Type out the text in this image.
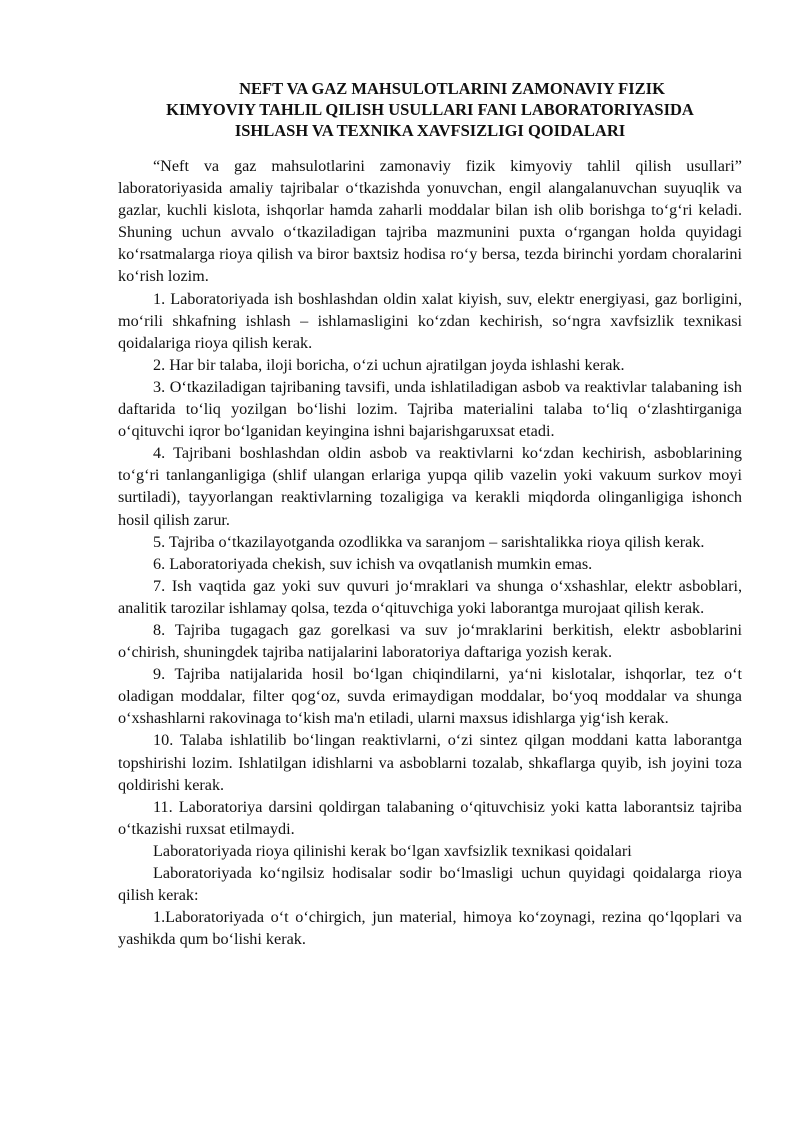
NEFT VA GAZ MAHSULOTLARINI ZAMONAVIY FIZIK
KIMYOVIY TAHLIL QILISH USULLARI FANI LABORATORIYASIDA
ISHLASH VA TEXNIKA XAVFSIZLIGI QOIDALARI

“Neft va gaz mahsulotlarini zamonaviy fizik kimyoviy tahlil qilish usullari” laboratoriyasida amaliy tajribalar o‘tkazishda yonuvchan, engil alangalanuvchan suyuqlik va gazlar, kuchli kislota, ishqorlar hamda zaharli moddalar bilan ish olib borishga to‘g‘ri keladi. Shuning uchun avvalo o‘tkaziladigan tajriba mazmunini puxta o‘rgangan holda quyidagi ko‘rsatmalarga rioya qilish va biror baxtsiz hodisa ro‘y bersa, tezda birinchi yordam choralarini ko‘rish lozim.

1. Laboratoriyada ish boshlashdan oldin xalat kiyish, suv, elektr energiyasi, gaz borligini, mo‘rili shkafning ishlash – ishlamasligini ko‘zdan kechirish, so‘ngra xavfsizlik texnikasi qoidalariga rioya qilish kerak.

2. Har bir talaba, iloji boricha, o‘zi uchun ajratilgan joyda ishlashi kerak.

3. O‘tkaziladigan tajribaning tavsifi, unda ishlatiladigan asbob va reaktivlar talabaning ish daftarida to‘liq yozilgan bo‘lishi lozim. Tajriba materialini talaba to‘liq o‘zlashtirganiga o‘qituvchi iqror bo‘lganidan keyingina ishni bajarishgaruxsat etadi.

4. Tajribani boshlashdan oldin asbob va reaktivlarni ko‘zdan kechirish, asboblarining to‘g‘ri tanlanganligiga (shlif ulangan erlariga yupqa qilib vazelin yoki vakuum surkov moyi surtiladi), tayyorlangan reaktivlarning tozaligiga va kerakli miqdorda olinganligiga ishonch hosil qilish zarur.

5. Tajriba o‘tkazilayotganda ozodlikka va saranjom – sarishtalikka rioya qilish kerak.

6. Laboratoriyada chekish, suv ichish va ovqatlanish mumkin emas.

7. Ish vaqtida gaz yoki suv quvuri jo‘mraklari va shunga o‘xshashlar, elektr asboblari, analitik tarozilar ishlamay qolsa, tezda o‘qituvchiga yoki laborantga murojaat qilish kerak.

8. Tajriba tugagach gaz gorelkasi va suv jo‘mraklarini berkitish, elektr asboblarini o‘chirish, shuningdek tajriba natijalarini laboratoriya daftariga yozish kerak.

9. Tajriba natijalarida hosil bo‘lgan chiqindilarni, ya‘ni kislotalar, ishqorlar, tez o‘t oladigan moddalar, filter qog‘oz, suvda erimaydigan moddalar, bo‘yoq moddalar va shunga o‘xshashlarni rakovinaga to‘kish ma'n etiladi, ularni maxsus idishlarga yig‘ish kerak.

10. Talaba ishlatilib bo‘lingan reaktivlarni, o‘zi sintez qilgan moddani katta laborantga topshirishi lozim. Ishlatilgan idishlarni va asboblarni tozalab, shkaflarga quyib, ish joyini toza qoldirishi kerak.

11. Laboratoriya darsini qoldirgan talabaning o‘qituvchisiz yoki katta laborantsiz tajriba o‘tkazishi ruxsat etilmaydi.

Laboratoriyada rioya qilinishi kerak bo‘lgan xavfsizlik texnikasi qoidalari

Laboratoriyada ko‘ngilsiz hodisalar sodir bo‘lmasligi uchun quyidagi qoidalarga rioya qilish kerak:

1.Laboratoriyada o‘t o‘chirgich, jun material, himoya ko‘zoynagi, rezina qo‘lqoplari va yashikda qum bo‘lishi kerak.
